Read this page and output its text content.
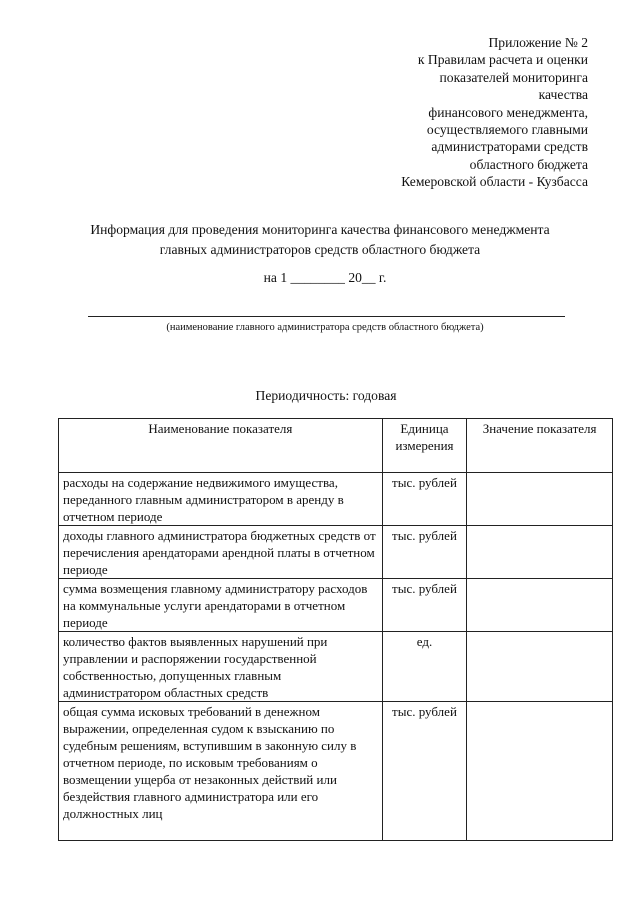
Приложение № 2
к Правилам расчета и оценки
показателей мониторинга
качества
финансового менеджмента,
осуществляемого главными
администраторами средств
областного бюджета
Кемеровской области - Кузбасса
Информация для проведения мониторинга качества финансового менеджмента
главных администраторов средств областного бюджета
на 1 ________ 20__ г.
(наименование главного администратора средств областного бюджета)
Периодичность: годовая
Наименование показателя	Единица измерения	Значение показателя
расходы на содержание недвижимого имущества, переданного главным администратором в аренду в отчетном периоде	тыс. рублей	
доходы главного администратора бюджетных средств от перечисления арендаторами арендной платы в отчетном периоде	тыс. рублей	
сумма возмещения главному администратору расходов на коммунальные услуги арендаторами в отчетном периоде	тыс. рублей	
количество фактов выявленных нарушений при управлении и распоряжении государственной собственностью, допущенных главным администратором областных средств	ед.	
общая сумма исковых требований в денежном выражении, определенная судом к взысканию по судебным решениям, вступившим в законную силу в отчетном периоде, по исковым требованиям о возмещении ущерба от незаконных действий или бездействия главного администратора или его должностных лиц	тыс. рублей	
